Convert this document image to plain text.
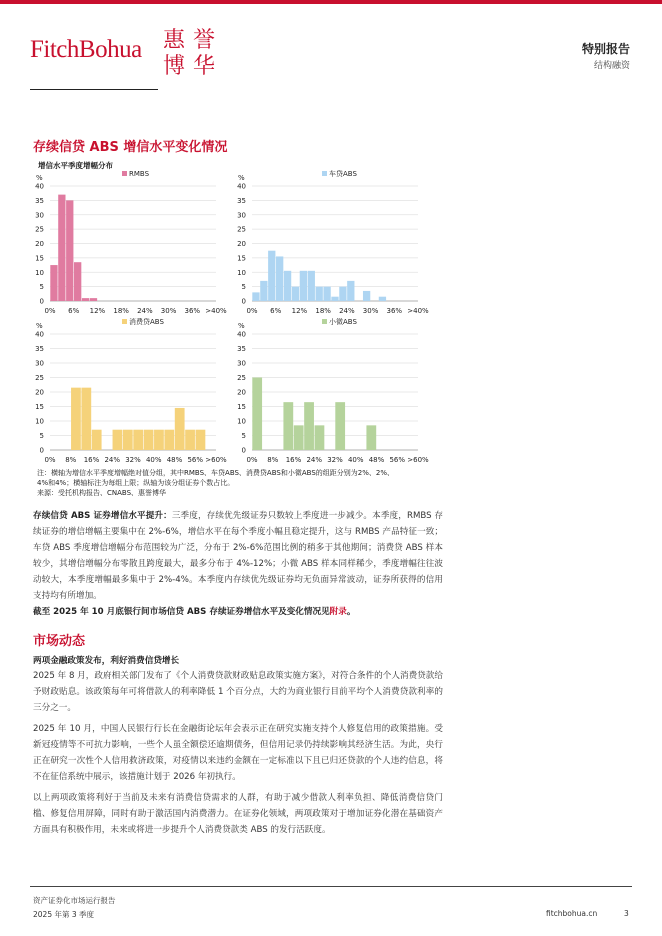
FitchBohua 惠 誉
博 华
特别报告
结构融资
存续信贷 ABS 增信水平变化情况
增信水平季度增幅分布
40
35
30
25
20
15
10
5
0
%
0% 6% 12% 18% 24% 30% 36% >40%
RMBS
40
35
30
25
20
15
10
5
0
%
0% 6% 12% 18% 24% 30% 36% >40%
车贷ABS
40
35
30
25
20
15
10
5
0
%
0% 8% 16% 24% 32% 40% 48% 56% >60%
消费贷ABS
40
35
30
25
20
15
10
5
0
%
0% 8% 16% 24% 32% 40% 48% 56% >60%
小微ABS
注：横轴为增信水平季度增幅绝对值分组，其中RMBS、车贷ABS、消费贷ABS和小微ABS的组距分别为2%、2%、
4%和4%；横轴标注为每组上限；纵轴为该分组证券个数占比。
来源：受托机构报告、CNABS、惠誉博华
存续信贷 ABS 证券增信水平提升：三季度，存续优先级证券只数较上季度进一步减少。本季度，RMBS 存续证券的增信增幅主要集中在 2%-6%，增信水平在每个季度小幅且稳定提升，这与 RMBS 产品特征一致；车贷 ABS 季度增信增幅分布范围较为广泛，分布于 2%-6%范围比例的稍多于其他期间；消费贷 ABS 样本较少，其增信增幅分布零散且跨度最大，最多分布于 4%-12%；小微 ABS 样本同样稀少，季度增幅往往波动较大，本季度增幅最多集中于 2%-4%。本季度内存续优先级证券均无负面异常波动，证券所获得的信用支持均有所增加。
截至 2025 年 10 月底银行间市场信贷 ABS 存续证券增信水平及变化情况见附录。
市场动态
两项金融政策发布，利好消费信贷增长
2025 年 8 月，政府相关部门发布了《个人消费贷款财政贴息政策实施方案》，对符合条件的个人消费贷款给予财政贴息。该政策每年可将借款人的利率降低 1 个百分点，大约为商业银行目前平均个人消费贷款利率的三分之一。
2025 年 10 月，中国人民银行行长在金融街论坛年会表示正在研究实施支持个人修复信用的政策措施。受新冠疫情等不可抗力影响，一些个人虽全额偿还逾期债务，但信用记录仍持续影响其经济生活。为此，央行正在研究一次性个人信用救济政策，对疫情以来违约金额在一定标准以下且已归还贷款的个人违约信息，将不在征信系统中展示，该措施计划于 2026 年初执行。
以上两项政策将利好于当前及未来有消费信贷需求的人群，有助于减少借款人利率负担、降低消费信贷门槛、修复信用屏障，同时有助于激活国内消费潜力。在证券化领域，两项政策对于增加证券化潜在基础资产方面具有积极作用，未来或将进一步提升个人消费贷款类 ABS 的发行活跃度。
资产证券化市场运行报告
2025 年第 3 季度	fitchbohua.cn	3
